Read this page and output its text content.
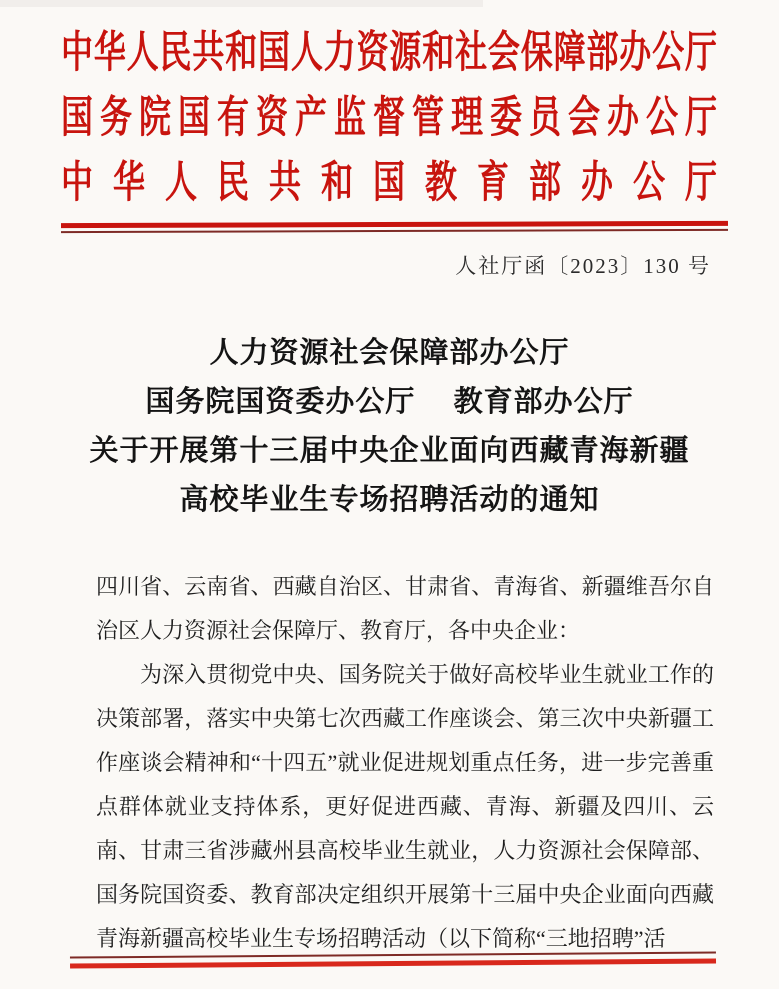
中华人民共和国人力资源和社会保障部办公厅
国务院国有资产监督管理委员会办公厅
中华人民共和国教育部办公厅
人社厅函〔2023〕130 号
人力资源社会保障部办公厅
国务院国资委办公厅　 教育部办公厅
关于开展第十三届中央企业面向西藏青海新疆
高校毕业生专场招聘活动的通知

四川省、云南省、西藏自治区、甘肃省、青海省、新疆维吾尔自治区人力资源社会保障厅、教育厅，各中央企业：

为深入贯彻党中央、国务院关于做好高校毕业生就业工作的决策部署，落实中央第七次西藏工作座谈会、第三次中央新疆工作座谈会精神和“十四五”就业促进规划重点任务，进一步完善重点群体就业支持体系，更好促进西藏、青海、新疆及四川、云南、甘肃三省涉藏州县高校毕业生就业，人力资源社会保障部、国务院国资委、教育部决定组织开展第十三届中央企业面向西藏青海新疆高校毕业生专场招聘活动（以下简称“三地招聘”活
